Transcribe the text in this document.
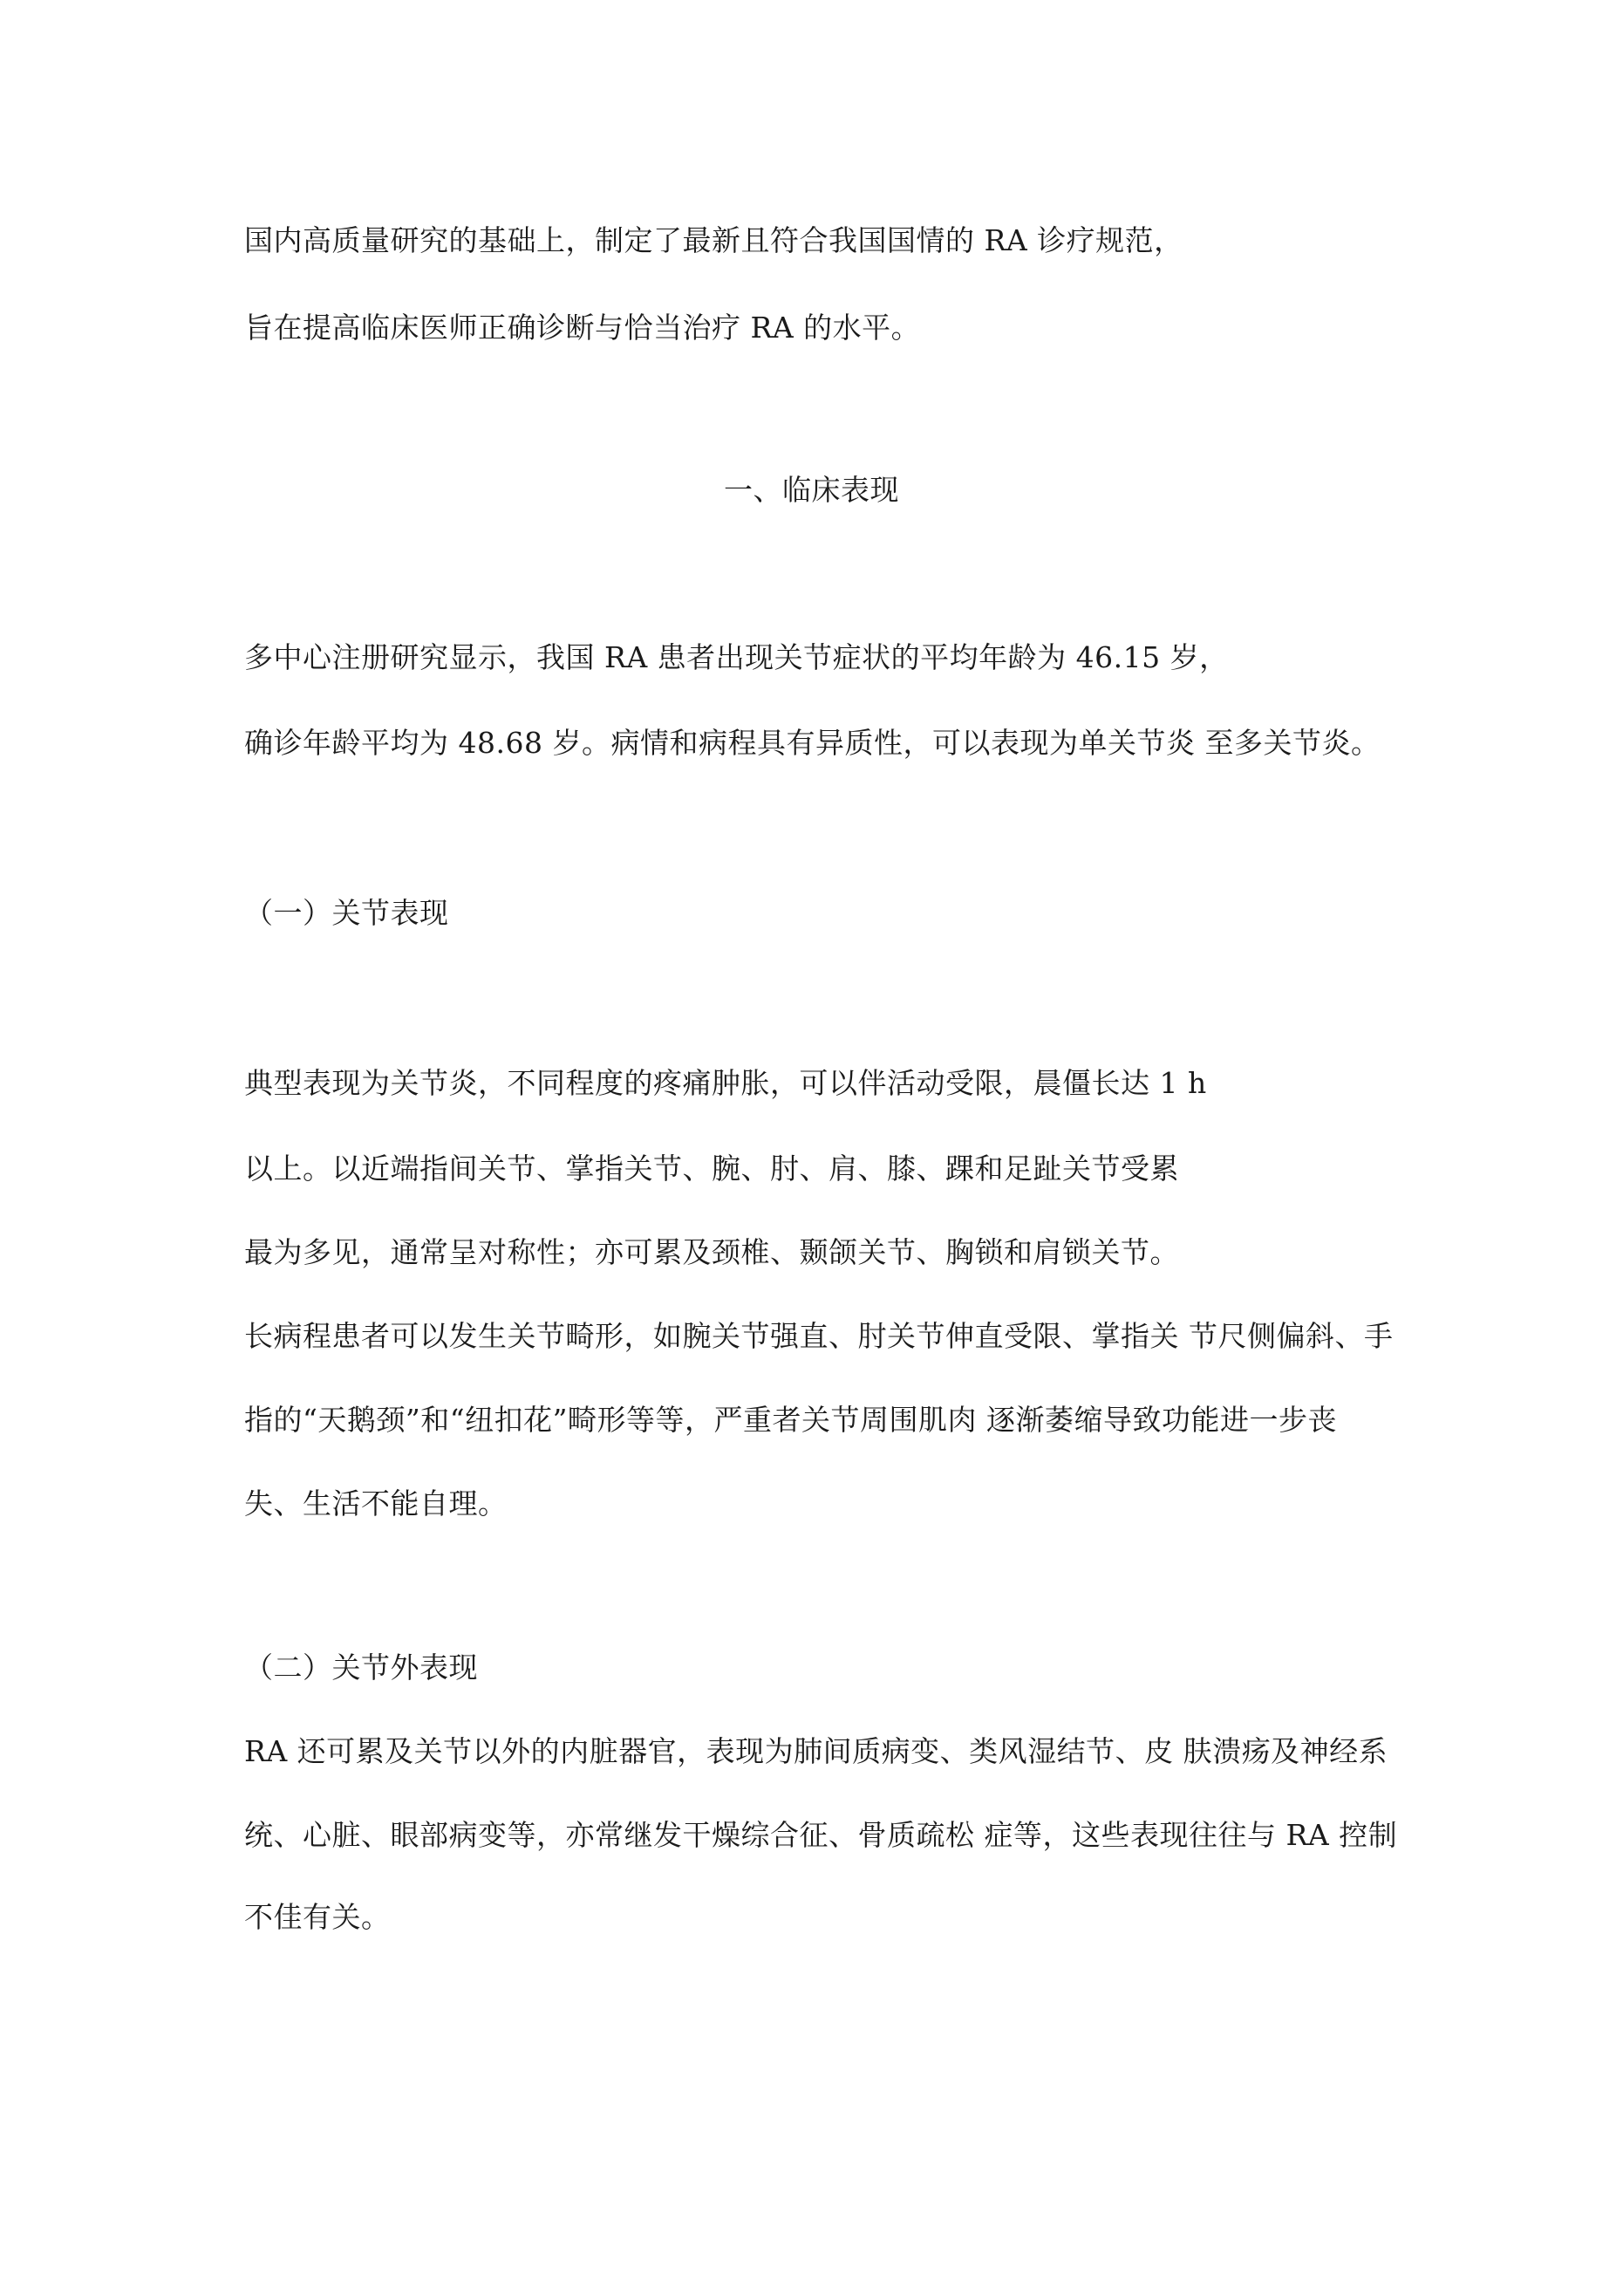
国内高质量研究的基础上，制定了最新且符合我国国情的 RA 诊疗规范，
旨在提高临床医师正确诊断与恰当治疗 RA 的水平。
一、临床表现
多中心注册研究显示，我国 RA 患者出现关节症状的平均年龄为 46.15 岁，
确诊年龄平均为 48.68 岁。病情和病程具有异质性，可以表现为单关节炎 至多关节炎。
（一）关节表现
典型表现为关节炎，不同程度的疼痛肿胀，可以伴活动受限，晨僵长达 1 h
以上。以近端指间关节、掌指关节、腕、肘、肩、膝、踝和足趾关节受累
最为多见，通常呈对称性；亦可累及颈椎、颞颌关节、胸锁和肩锁关节。
长病程患者可以发生关节畸形，如腕关节强直、肘关节伸直受限、掌指关 节尺侧偏斜、手
指的“天鹅颈”和“纽扣花”畸形等等，严重者关节周围肌肉 逐渐萎缩导致功能进一步丧
失、生活不能自理。
（二）关节外表现
RA 还可累及关节以外的内脏器官，表现为肺间质病变、类风湿结节、皮 肤溃疡及神经系
统、心脏、眼部病变等，亦常继发干燥综合征、骨质疏松 症等，这些表现往往与 RA 控制
不佳有关。
